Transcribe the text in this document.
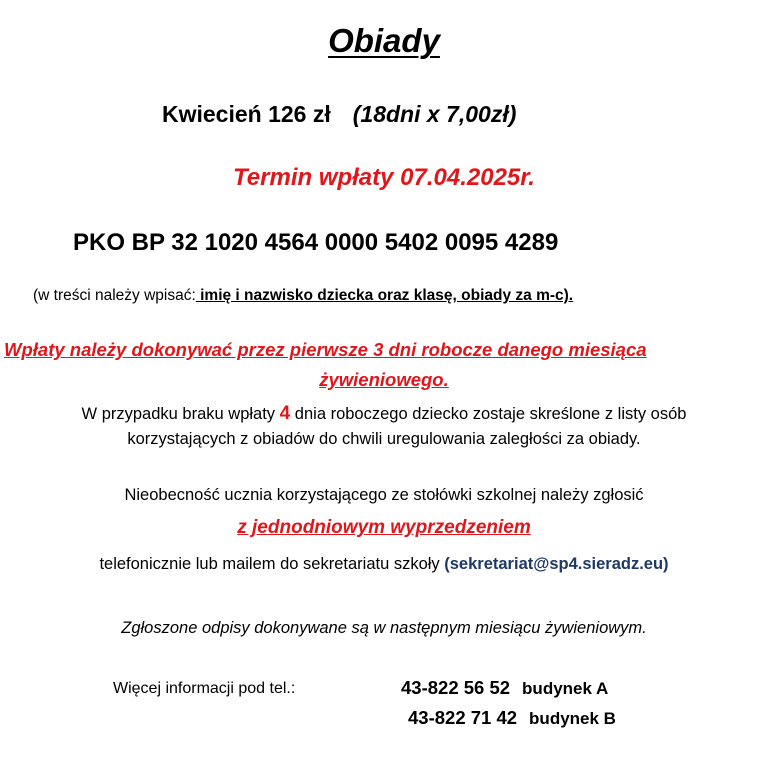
Obiady
Kwiecień 126 zł (18dni x 7,00zł)
Termin wpłaty 07.04.2025r.
PKO BP 32 1020 4564 0000 5402 0095 4289
(w treści należy wpisać: imię i nazwisko dziecka oraz klasę, obiady za m-c).
Wpłaty należy dokonywać przez pierwsze 3 dni robocze danego miesiąca
żywieniowego.
W przypadku braku wpłaty 4 dnia roboczego dziecko zostaje skreślone z listy osób
korzystających z obiadów do chwili uregulowania zaległości za obiady.
Nieobecność ucznia korzystającego ze stołówki szkolnej należy zgłosić
z jednodniowym wyprzedzeniem
telefonicznie lub mailem do sekretariatu szkoły (sekretariat@sp4.sieradz.eu)
Zgłoszone odpisy dokonywane są w następnym miesiącu żywieniowym.
Więcej informacji pod tel.:	43-822 56 52 budynek A
43-822 71 42 budynek B
